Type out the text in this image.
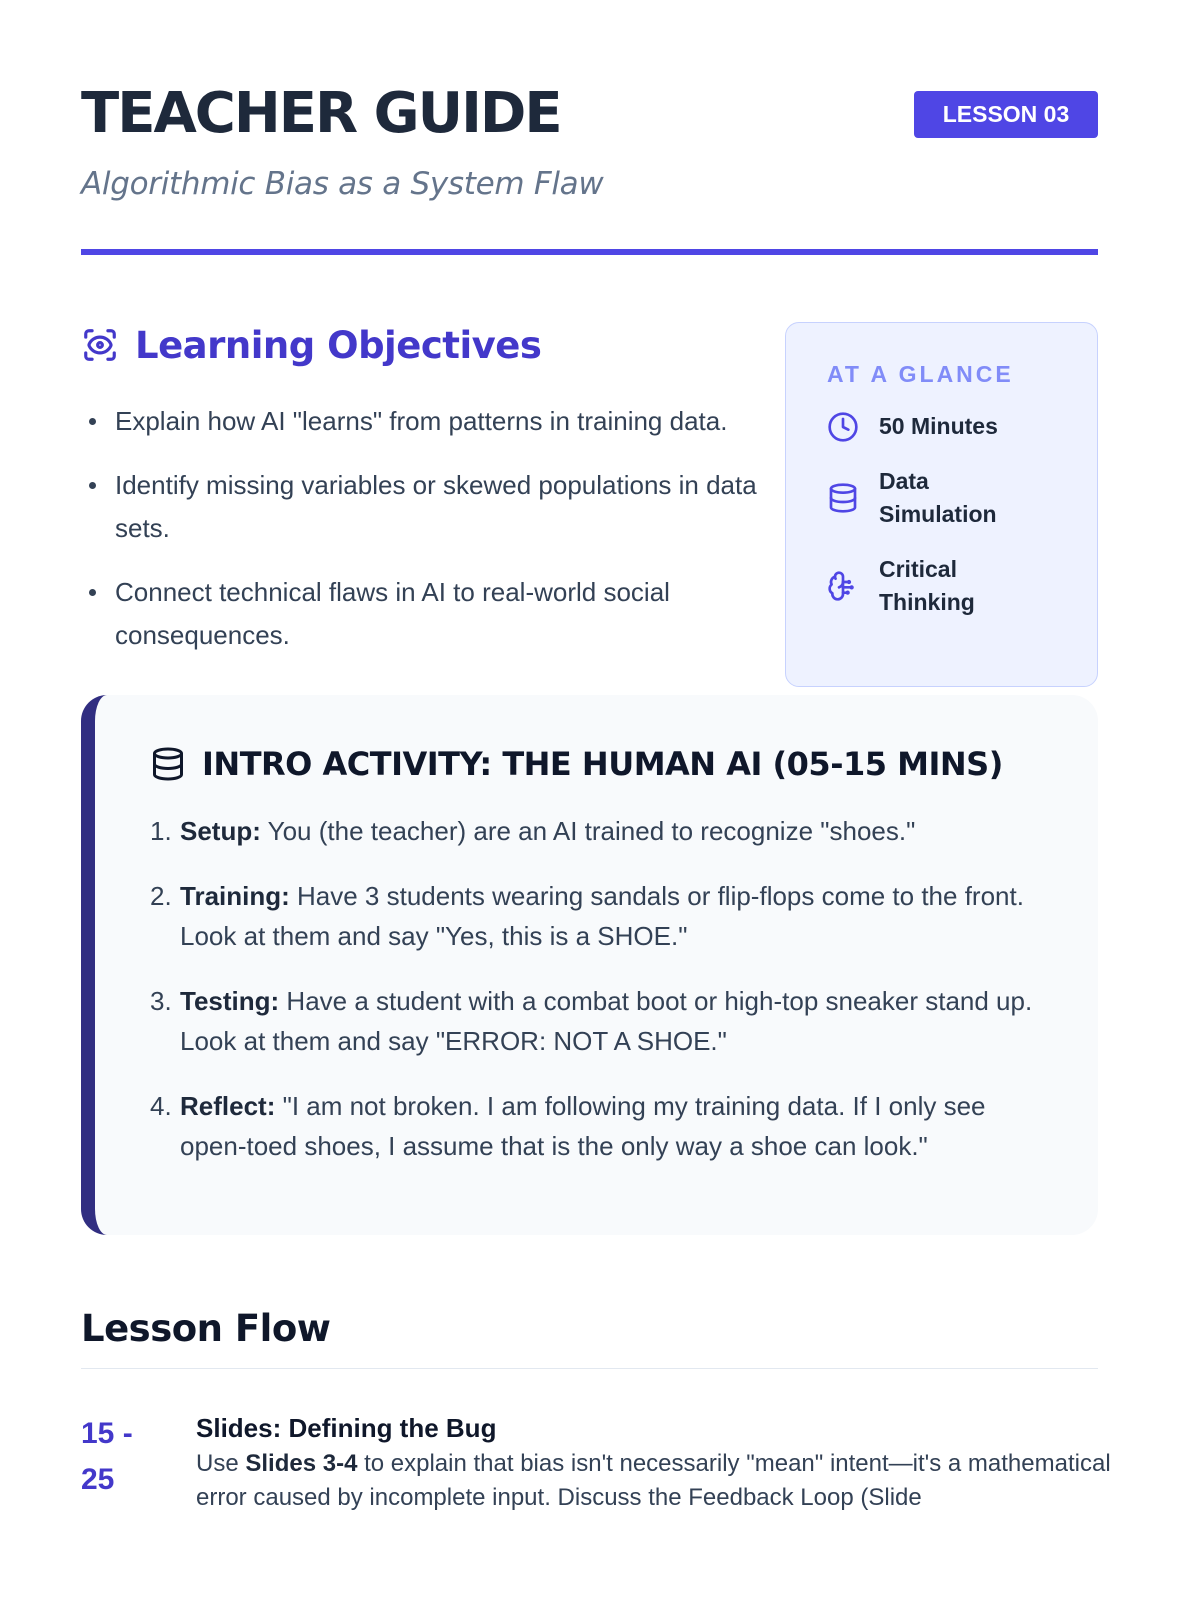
TEACHER GUIDE
Algorithmic Bias as a System Flaw
LESSON 03
Learning Objectives
Explain how AI "learns" from patterns in training data.
Identify missing variables or skewed populations in data sets.
Connect technical flaws in AI to real-world social consequences.
AT A GLANCE
50 Minutes
Data Simulation
Critical Thinking
INTRO ACTIVITY: THE HUMAN AI (05-15 MINS)
1. Setup: You (the teacher) are an AI trained to recognize "shoes."
2. Training: Have 3 students wearing sandals or flip-flops come to the front. Look at them and say "Yes, this is a SHOE."
3. Testing: Have a student with a combat boot or high-top sneaker stand up. Look at them and say "ERROR: NOT A SHOE."
4. Reflect: "I am not broken. I am following my training data. If I only see open-toed shoes, I assume that is the only way a shoe can look."
Lesson Flow
15 - 25
Slides: Defining the Bug

Use Slides 3-4 to explain that bias isn't necessarily "mean" intent—it's a mathematical error caused by incomplete input. Discuss the Feedback Loop (Slide
